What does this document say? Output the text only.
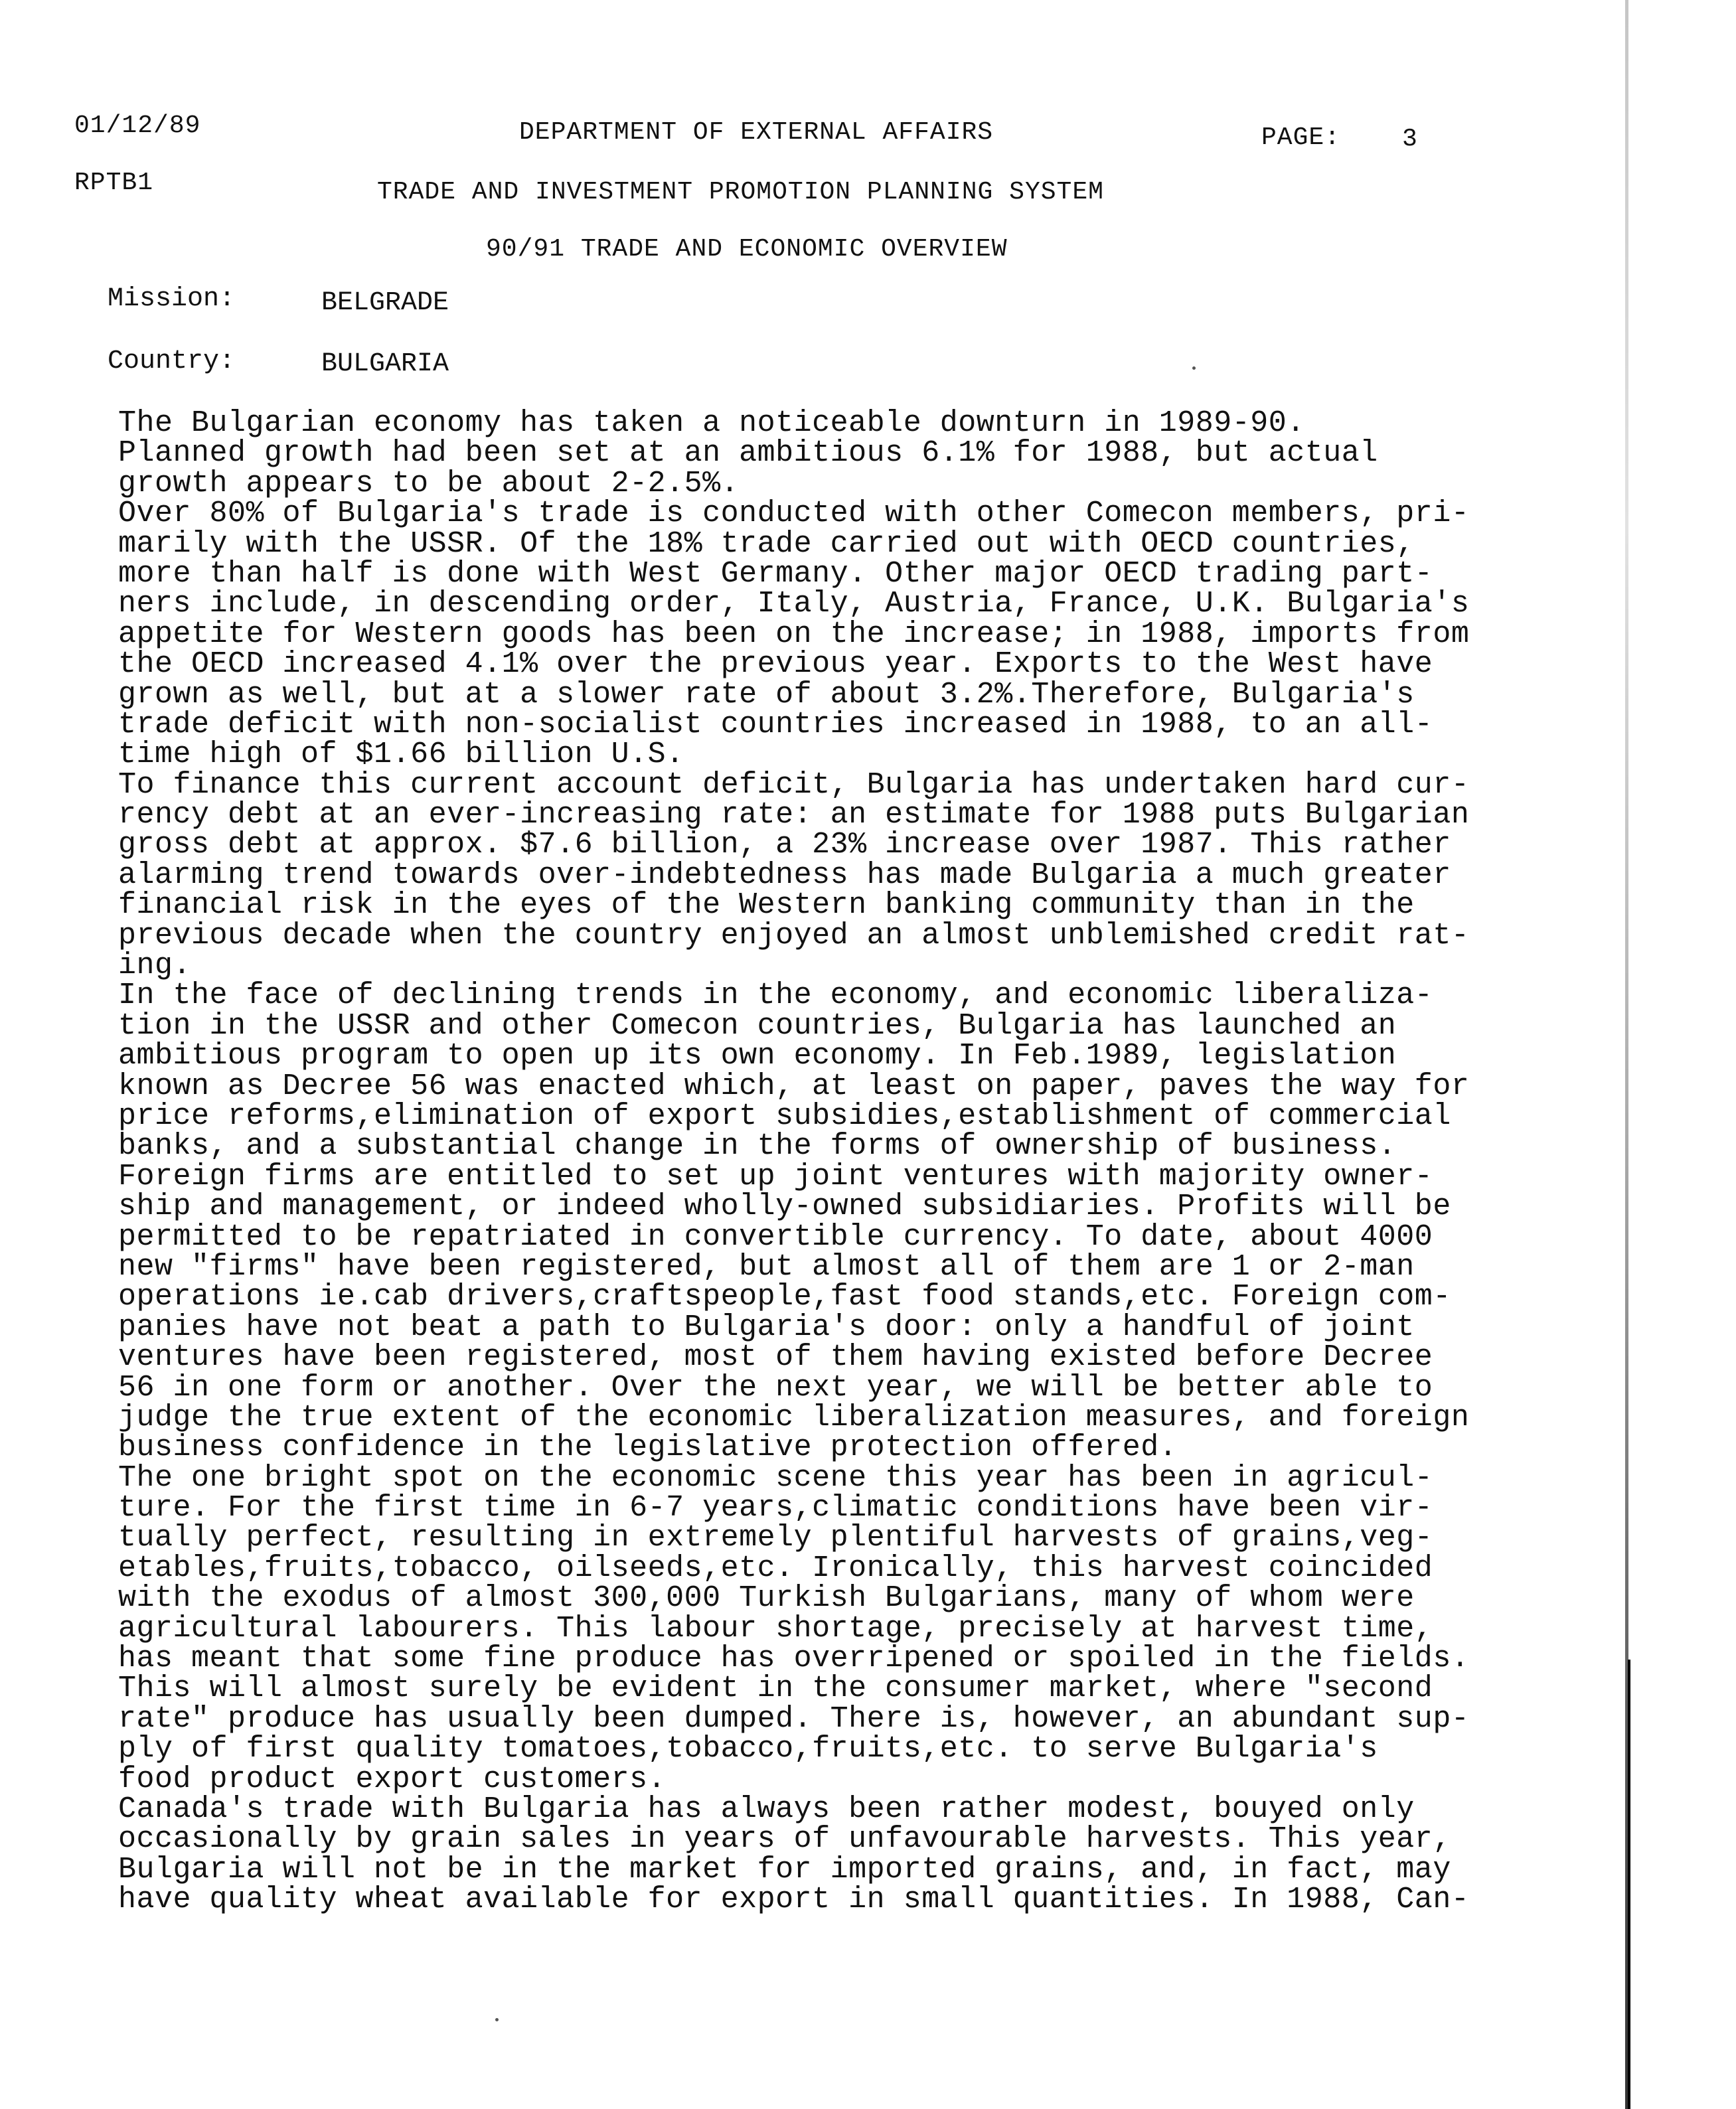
01/12/89	DEPARTMENT OF EXTERNAL AFFAIRS	PAGE: 3
RPTB1	TRADE AND INVESTMENT PROMOTION PLANNING SYSTEM
90/91 TRADE AND ECONOMIC OVERVIEW
Mission:	BELGRADE
Country:	BULGARIA
The Bulgarian economy has taken a noticeable downturn in 1989-90.
Planned growth had been set at an ambitious 6.1% for 1988, but actual
growth appears to be about 2-2.5%.
Over 80% of Bulgaria's trade is conducted with other Comecon members, pri-
marily with the USSR. Of the 18% trade carried out with OECD countries,
more than half is done with West Germany. Other major OECD trading part-
ners include, in descending order, Italy, Austria, France, U.K. Bulgaria's
appetite for Western goods has been on the increase; in 1988, imports from
the OECD increased 4.1% over the previous year. Exports to the West have
grown as well, but at a slower rate of about 3.2%.Therefore, Bulgaria's
trade deficit with non-socialist countries increased in 1988, to an all-
time high of $1.66 billion U.S.
To finance this current account deficit, Bulgaria has undertaken hard cur-
rency debt at an ever-increasing rate: an estimate for 1988 puts Bulgarian
gross debt at approx. $7.6 billion, a 23% increase over 1987. This rather
alarming trend towards over-indebtedness has made Bulgaria a much greater
financial risk in the eyes of the Western banking community than in the
previous decade when the country enjoyed an almost unblemished credit rat-
ing.
In the face of declining trends in the economy, and economic liberaliza-
tion in the USSR and other Comecon countries, Bulgaria has launched an
ambitious program to open up its own economy. In Feb.1989, legislation
known as Decree 56 was enacted which, at least on paper, paves the way for
price reforms,elimination of export subsidies,establishment of commercial
banks, and a substantial change in the forms of ownership of business.
Foreign firms are entitled to set up joint ventures with majority owner-
ship and management, or indeed wholly-owned subsidiaries. Profits will be
permitted to be repatriated in convertible currency. To date, about 4000
new "firms" have been registered, but almost all of them are 1 or 2-man
operations ie.cab drivers,craftspeople,fast food stands,etc. Foreign com-
panies have not beat a path to Bulgaria's door: only a handful of joint
ventures have been registered, most of them having existed before Decree
56 in one form or another. Over the next year, we will be better able to
judge the true extent of the economic liberalization measures, and foreign
business confidence in the legislative protection offered.
The one bright spot on the economic scene this year has been in agricul-
ture. For the first time in 6-7 years,climatic conditions have been vir-
tually perfect, resulting in extremely plentiful harvests of grains,veg-
etables,fruits,tobacco, oilseeds,etc. Ironically, this harvest coincided
with the exodus of almost 300,000 Turkish Bulgarians, many of whom were
agricultural labourers. This labour shortage, precisely at harvest time,
has meant that some fine produce has overripened or spoiled in the fields.
This will almost surely be evident in the consumer market, where "second
rate" produce has usually been dumped. There is, however, an abundant sup-
ply of first quality tomatoes,tobacco,fruits,etc. to serve Bulgaria's
food product export customers.
Canada's trade with Bulgaria has always been rather modest, bouyed only
occasionally by grain sales in years of unfavourable harvests. This year,
Bulgaria will not be in the market for imported grains, and, in fact, may
have quality wheat available for export in small quantities. In 1988, Can-
